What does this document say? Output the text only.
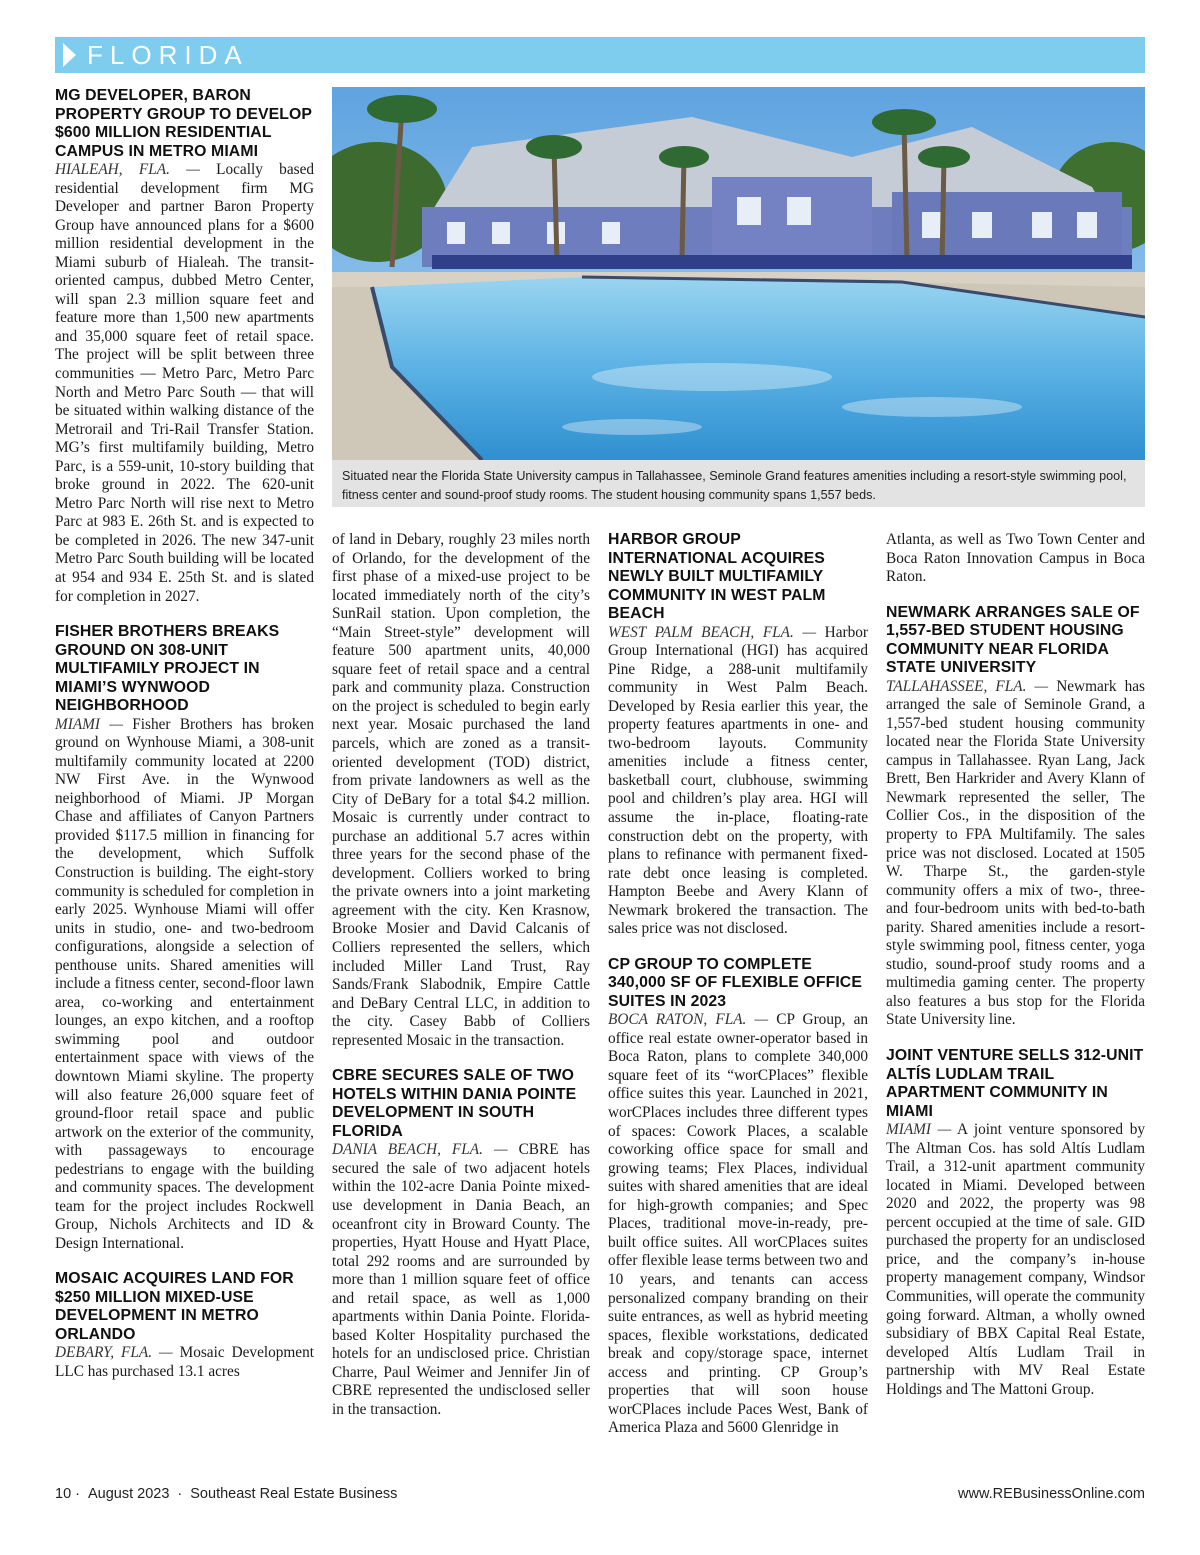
FLORIDA
Situated near the Florida State University campus in Tallahassee, Seminole Grand features amenities including a resort-style swimming pool, fitness center and sound-proof study rooms. The student housing community spans 1,557 beds.
MG DEVELOPER, BARON PROPERTY GROUP TO DEVELOP $600 MILLION RESIDENTIAL CAMPUS IN METRO MIAMI

HIALEAH, FLA. — Locally based residential development firm MG Developer and partner Baron Property Group have announced plans for a $600 million residential development in the Miami suburb of Hialeah. The transit-oriented campus, dubbed Metro Center, will span 2.3 million square feet and feature more than 1,500 new apartments and 35,000 square feet of retail space. The project will be split between three communities — Metro Parc, Metro Parc North and Metro Parc South — that will be situated within walking distance of the Metrorail and Tri-Rail Transfer Station. MG’s first multifamily building, Metro Parc, is a 559-unit, 10-story building that broke ground in 2022. The 620-unit Metro Parc North will rise next to Metro Parc at 983 E. 26th St. and is expected to be completed in 2026. The new 347-unit Metro Parc South building will be located at 954 and 934 E. 25th St. and is slated for completion in 2027.

FISHER BROTHERS BREAKS GROUND ON 308-UNIT MULTIFAMILY PROJECT IN MIAMI’S WYNWOOD NEIGHBORHOOD

MIAMI — Fisher Brothers has broken ground on Wynhouse Miami, a 308-unit multifamily community located at 2200 NW First Ave. in the Wynwood neighborhood of Miami. JP Morgan Chase and affiliates of Canyon Partners provided $117.5 million in financing for the development, which Suffolk Construction is building. The eight-story community is scheduled for completion in early 2025. Wynhouse Miami will offer units in studio, one- and two-bedroom configurations, alongside a selection of penthouse units. Shared amenities will include a fitness center, second-floor lawn area, co-working and entertainment lounges, an expo kitchen, and a rooftop swimming pool and outdoor entertainment space with views of the downtown Miami skyline. The property will also feature 26,000 square feet of ground-floor retail space and public artwork on the exterior of the community, with passageways to encourage pedestrians to engage with the building and community spaces. The development team for the project includes Rockwell Group, Nichols Architects and ID & Design International.

MOSAIC ACQUIRES LAND FOR $250 MILLION MIXED-USE DEVELOPMENT IN METRO ORLANDO

DEBARY, FLA. — Mosaic Development LLC has purchased 13.1 acres

of land in Debary, roughly 23 miles north of Orlando, for the development of the first phase of a mixed-use project to be located immediately north of the city’s SunRail station. Upon completion, the “Main Street-style” development will feature 500 apartment units, 40,000 square feet of retail space and a central park and community plaza. Construction on the project is scheduled to begin early next year. Mosaic purchased the land parcels, which are zoned as a transit-oriented development (TOD) district, from private landowners as well as the City of DeBary for a total $4.2 million. Mosaic is currently under contract to purchase an additional 5.7 acres within three years for the second phase of the development. Colliers worked to bring the private owners into a joint marketing agreement with the city. Ken Krasnow, Brooke Mosier and David Calcanis of Colliers represented the sellers, which included Miller Land Trust, Ray Sands/Frank Slabodnik, Empire Cattle and DeBary Central LLC, in addition to the city. Casey Babb of Colliers represented Mosaic in the transaction.

CBRE SECURES SALE OF TWO HOTELS WITHIN DANIA POINTE DEVELOPMENT IN SOUTH FLORIDA

DANIA BEACH, FLA. — CBRE has secured the sale of two adjacent hotels within the 102-acre Dania Pointe mixed-use development in Dania Beach, an oceanfront city in Broward County. The properties, Hyatt House and Hyatt Place, total 292 rooms and are surrounded by more than 1 million square feet of office and retail space, as well as 1,000 apartments within Dania Pointe. Florida-based Kolter Hospitality purchased the hotels for an undisclosed price. Christian Charre, Paul Weimer and Jennifer Jin of CBRE represented the undisclosed seller in the transaction.

HARBOR GROUP INTERNATIONAL ACQUIRES NEWLY BUILT MULTIFAMILY COMMUNITY IN WEST PALM BEACH

WEST PALM BEACH, FLA. — Harbor Group International (HGI) has acquired Pine Ridge, a 288-unit multifamily community in West Palm Beach. Developed by Resia earlier this year, the property features apartments in one- and two-bedroom layouts. Community amenities include a fitness center, basketball court, clubhouse, swimming pool and children’s play area. HGI will assume the in-place, floating-rate construction debt on the property, with plans to refinance with permanent fixed-rate debt once leasing is completed. Hampton Beebe and Avery Klann of Newmark brokered the transaction. The sales price was not disclosed.

CP GROUP TO COMPLETE 340,000 SF OF FLEXIBLE OFFICE SUITES IN 2023

BOCA RATON, FLA. — CP Group, an office real estate owner-operator based in Boca Raton, plans to complete 340,000 square feet of its “worCPlaces” flexible office suites this year. Launched in 2021, worCPlaces includes three different types of spaces: Cowork Places, a scalable coworking office space for small and growing teams; Flex Places, individual suites with shared amenities that are ideal for high-growth companies; and Spec Places, traditional move-in-ready, pre-built office suites. All worCPlaces suites offer flexible lease terms between two and 10 years, and tenants can access personalized company branding on their suite entrances, as well as hybrid meeting spaces, flexible workstations, dedicated break and copy/storage space, internet access and printing. CP Group’s properties that will soon house worCPlaces include Paces West, Bank of America Plaza and 5600 Glenridge in

Atlanta, as well as Two Town Center and Boca Raton Innovation Campus in Boca Raton.

NEWMARK ARRANGES SALE OF 1,557-BED STUDENT HOUSING COMMUNITY NEAR FLORIDA STATE UNIVERSITY

TALLAHASSEE, FLA. — Newmark has arranged the sale of Seminole Grand, a 1,557-bed student housing community located near the Florida State University campus in Tallahassee. Ryan Lang, Jack Brett, Ben Harkrider and Avery Klann of Newmark represented the seller, The Collier Cos., in the disposition of the property to FPA Multifamily. The sales price was not disclosed. Located at 1505 W. Tharpe St., the garden-style community offers a mix of two-, three- and four-bedroom units with bed-to-bath parity. Shared amenities include a resort-style swimming pool, fitness center, yoga studio, sound-proof study rooms and a multimedia gaming center. The property also features a bus stop for the Florida State University line.

JOINT VENTURE SELLS 312-UNIT ALTÍS LUDLAM TRAIL APARTMENT COMMUNITY IN MIAMI

MIAMI — A joint venture sponsored by The Altman Cos. has sold Altís Ludlam Trail, a 312-unit apartment community located in Miami. Developed between 2020 and 2022, the property was 98 percent occupied at the time of sale. GID purchased the property for an undisclosed price, and the company’s in-house property management company, Windsor Communities, will operate the community going forward. Altman, a wholly owned subsidiary of BBX Capital Real Estate, developed Altís Ludlam Trail in partnership with MV Real Estate Holdings and The Mattoni Group.

10 · August 2023 · Southeast Real Estate Business	www.REBusinessOnline.com
